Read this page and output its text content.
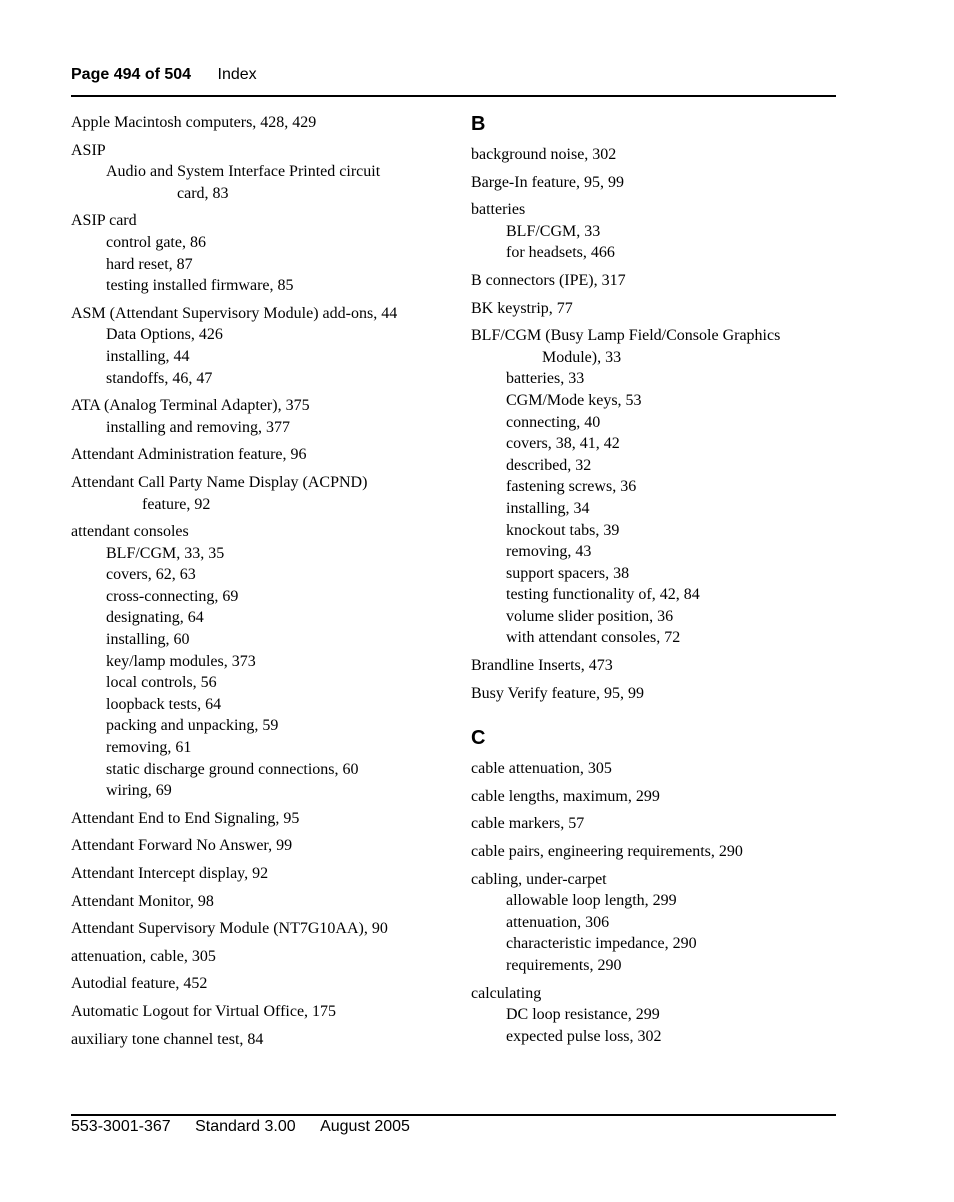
Page 494 of 504 Index
Apple Macintosh computers, 428, 429
ASIP
Audio and System Interface Printed circuit
card, 83
ASIP card
control gate, 86
hard reset, 87
testing installed firmware, 85
ASM (Attendant Supervisory Module) add-ons, 44
Data Options, 426
installing, 44
standoffs, 46, 47
ATA (Analog Terminal Adapter), 375
installing and removing, 377
Attendant Administration feature, 96
Attendant Call Party Name Display (ACPND)
feature, 92
attendant consoles
BLF/CGM, 33, 35
covers, 62, 63
cross-connecting, 69
designating, 64
installing, 60
key/lamp modules, 373
local controls, 56
loopback tests, 64
packing and unpacking, 59
removing, 61
static discharge ground connections, 60
wiring, 69
Attendant End to End Signaling, 95
Attendant Forward No Answer, 99
Attendant Intercept display, 92
Attendant Monitor, 98
Attendant Supervisory Module (NT7G10AA), 90
attenuation, cable, 305
Autodial feature, 452
Automatic Logout for Virtual Office, 175
auxiliary tone channel test, 84
B
background noise, 302
Barge-In feature, 95, 99
batteries
BLF/CGM, 33
for headsets, 466
B connectors (IPE), 317
BK keystrip, 77
BLF/CGM (Busy Lamp Field/Console Graphics
Module), 33
batteries, 33
CGM/Mode keys, 53
connecting, 40
covers, 38, 41, 42
described, 32
fastening screws, 36
installing, 34
knockout tabs, 39
removing, 43
support spacers, 38
testing functionality of, 42, 84
volume slider position, 36
with attendant consoles, 72
Brandline Inserts, 473
Busy Verify feature, 95, 99
C
cable attenuation, 305
cable lengths, maximum, 299
cable markers, 57
cable pairs, engineering requirements, 290
cabling, under-carpet
allowable loop length, 299
attenuation, 306
characteristic impedance, 290
requirements, 290
calculating
DC loop resistance, 299
expected pulse loss, 302
553-3001-367 Standard 3.00 August 2005
